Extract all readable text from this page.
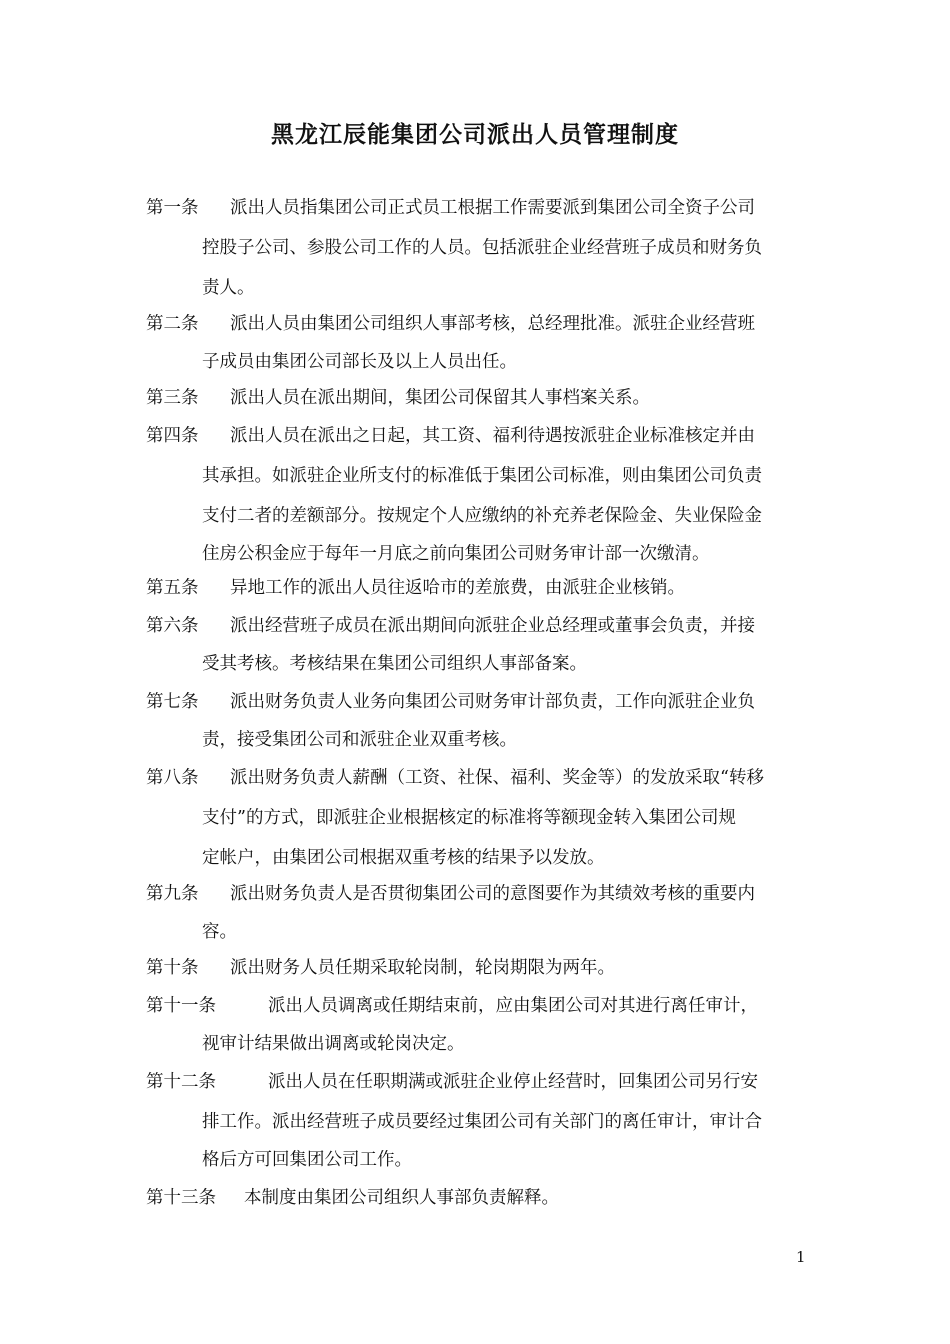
黑龙江辰能集团公司派出人员管理制度
第一条 派出人员指集团公司正式员工根据工作需要派到集团公司全资子公司
控股子公司、参股公司工作的人员。包括派驻企业经营班子成员和财务负
责人。
第二条 派出人员由集团公司组织人事部考核，总经理批准。派驻企业经营班
子成员由集团公司部长及以上人员出任。
第三条 派出人员在派出期间，集团公司保留其人事档案关系。
第四条 派出人员在派出之日起，其工资、福利待遇按派驻企业标准核定并由
其承担。如派驻企业所支付的标准低于集团公司标准，则由集团公司负责
支付二者的差额部分。按规定个人应缴纳的补充养老保险金、失业保险金
住房公积金应于每年一月底之前向集团公司财务审计部一次缴清。
第五条 异地工作的派出人员往返哈市的差旅费，由派驻企业核销。
第六条 派出经营班子成员在派出期间向派驻企业总经理或董事会负责，并接
受其考核。考核结果在集团公司组织人事部备案。
第七条 派出财务负责人业务向集团公司财务审计部负责，工作向派驻企业负
责，接受集团公司和派驻企业双重考核。
第八条 派出财务负责人薪酬（工资、社保、福利、奖金等）的发放采取“转移
支付”的方式，即派驻企业根据核定的标准将等额现金转入集团公司规
定帐户，由集团公司根据双重考核的结果予以发放。
第九条 派出财务负责人是否贯彻集团公司的意图要作为其绩效考核的重要内
容。
第十条 派出财务人员任期采取轮岗制，轮岗期限为两年。
第十一条	派出人员调离或任期结束前，应由集团公司对其进行离任审计，
视审计结果做出调离或轮岗决定。
第十二条	派出人员在任职期满或派驻企业停止经营时，回集团公司另行安
排工作。派出经营班子成员要经过集团公司有关部门的离任审计，审计合
格后方可回集团公司工作。
第十三条 本制度由集团公司组织人事部负责解释。
1
